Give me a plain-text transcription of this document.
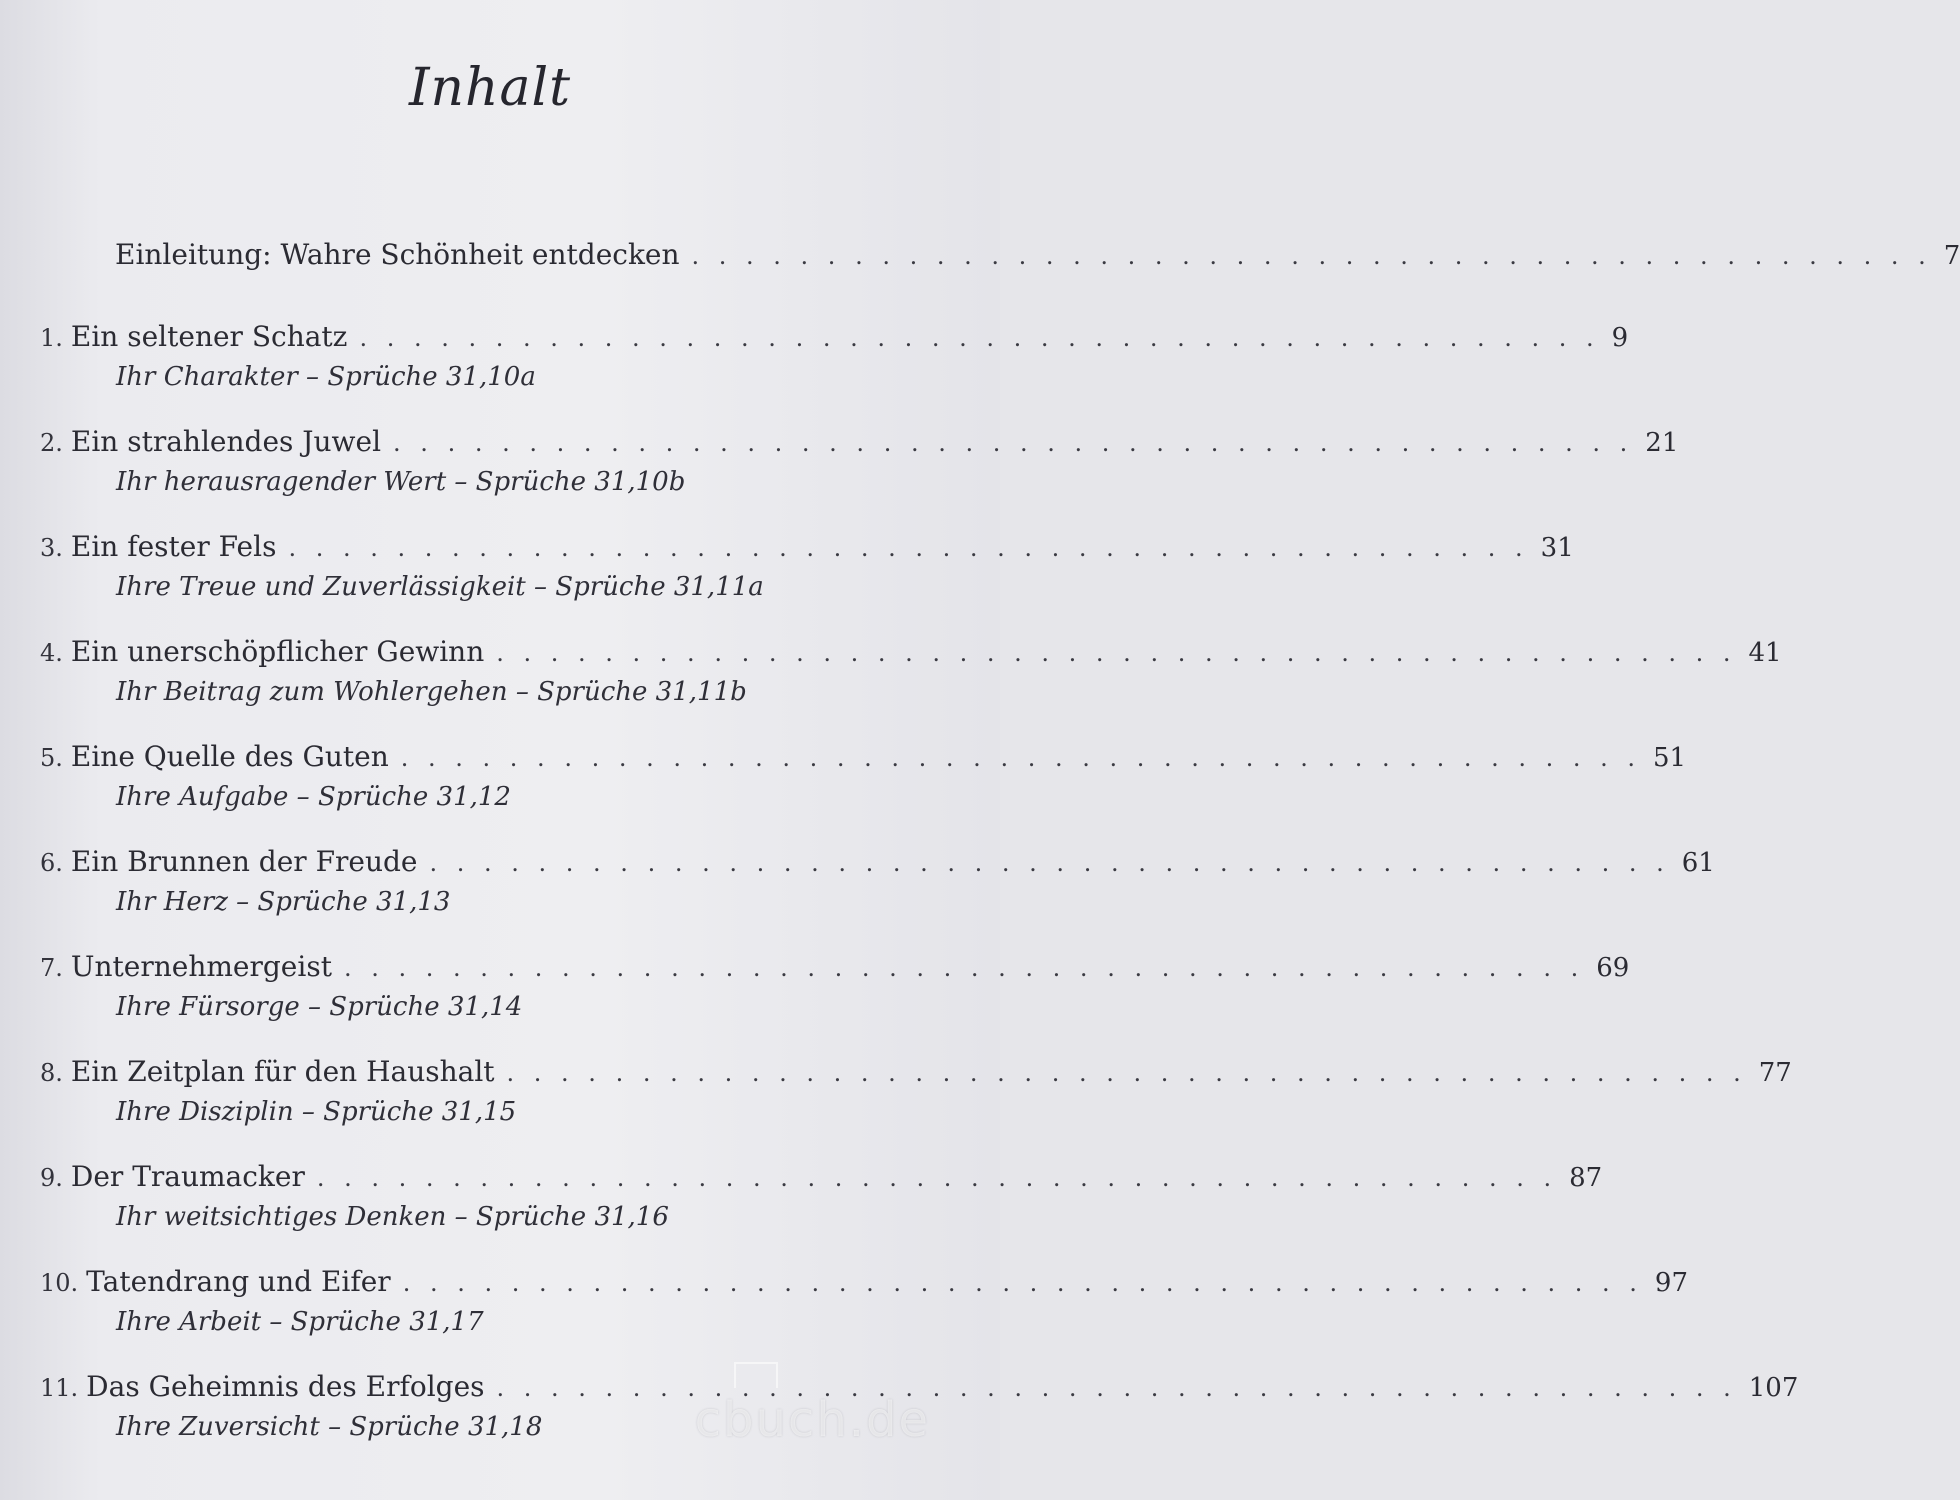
Inhalt
Einleitung: Wahre Schönheit entdecken . . . . . . . . . . . . . . . . . . . . . . . . . . . . . . . . . . . . . . . . . . . . . . 7
1. Ein seltener Schatz . . . . . . . . . . . . . . . . . . . . . . . . . . . . . . . . . . . . . . . . . . . . . . 9
Ihr Charakter – Sprüche 31,10a
2. Ein strahlendes Juwel . . . . . . . . . . . . . . . . . . . . . . . . . . . . . . . . . . . . . . . . . . . . . . 21
Ihr herausragender Wert – Sprüche 31,10b
3. Ein fester Fels . . . . . . . . . . . . . . . . . . . . . . . . . . . . . . . . . . . . . . . . . . . . . . 31
Ihre Treue und Zuverlässigkeit – Sprüche 31,11a
4. Ein unerschöpflicher Gewinn . . . . . . . . . . . . . . . . . . . . . . . . . . . . . . . . . . . . . . . . . . . . . . 41
Ihr Beitrag zum Wohlergehen – Sprüche 31,11b
5. Eine Quelle des Guten . . . . . . . . . . . . . . . . . . . . . . . . . . . . . . . . . . . . . . . . . . . . . . 51
Ihre Aufgabe – Sprüche 31,12
6. Ein Brunnen der Freude . . . . . . . . . . . . . . . . . . . . . . . . . . . . . . . . . . . . . . . . . . . . . . 61
Ihr Herz – Sprüche 31,13
7. Unternehmergeist . . . . . . . . . . . . . . . . . . . . . . . . . . . . . . . . . . . . . . . . . . . . . . 69
Ihre Fürsorge – Sprüche 31,14
8. Ein Zeitplan für den Haushalt . . . . . . . . . . . . . . . . . . . . . . . . . . . . . . . . . . . . . . . . . . . . . . 77
Ihre Disziplin – Sprüche 31,15
9. Der Traumacker . . . . . . . . . . . . . . . . . . . . . . . . . . . . . . . . . . . . . . . . . . . . . . 87
Ihr weitsichtiges Denken – Sprüche 31,16
10. Tatendrang und Eifer . . . . . . . . . . . . . . . . . . . . . . . . . . . . . . . . . . . . . . . . . . . . . . 97
Ihre Arbeit – Sprüche 31,17
11. Das Geheimnis des Erfolges . . . . . . . . . . . . . . . . . . . . . . . . . . . . . . . . . . . . . . . . . . . . . . 107
Ihre Zuversicht – Sprüche 31,18	cbuch.de
